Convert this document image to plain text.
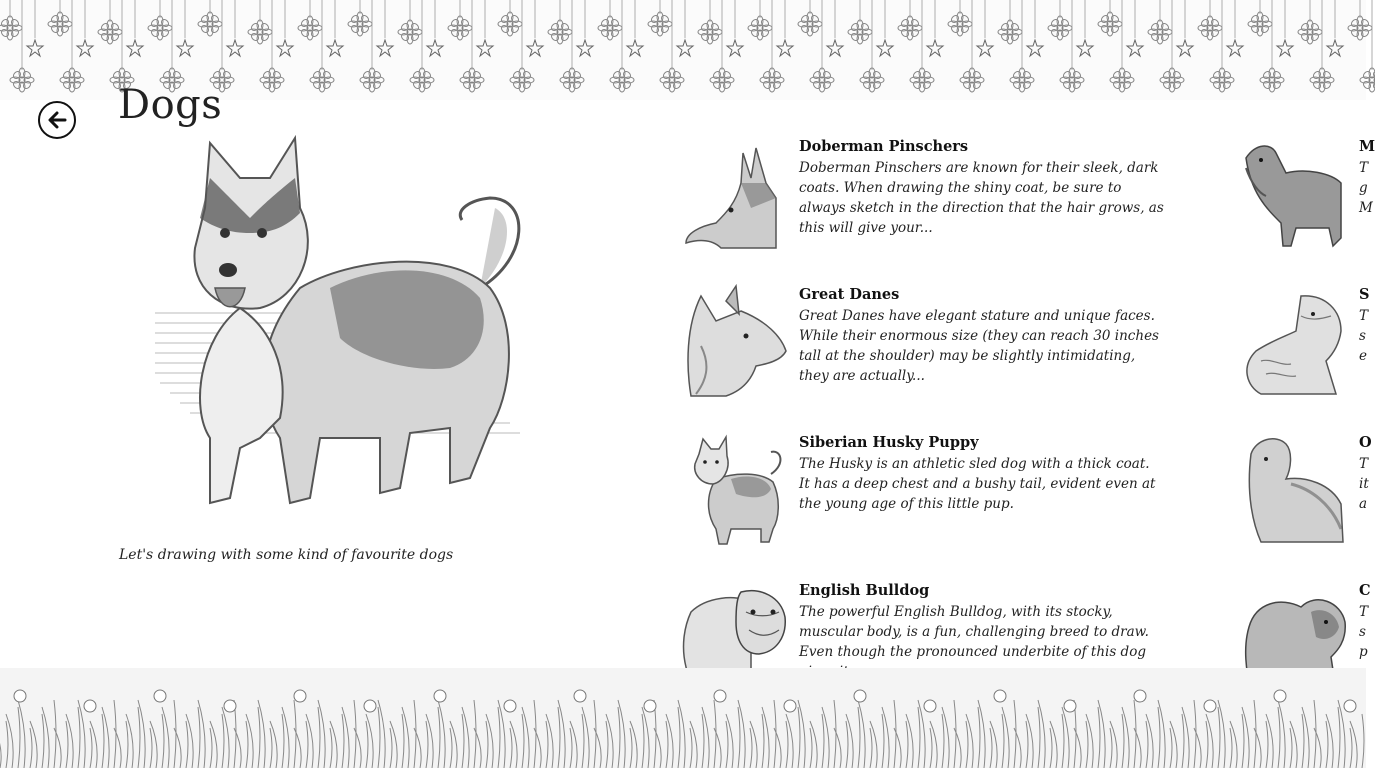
Dogs
Let's drawing with some kind of favourite dogs
Doberman Pinschers
Doberman Pinschers are known for their sleek, dark coats. When drawing the shiny coat, be sure to always sketch in the direction that the hair grows, as this will give your...
Great Danes
Great Danes have elegant stature and unique faces. While their enormous size (they can reach 30 inches tall at the shoulder) may be slightly intimidating, they are actually...
Siberian Husky Puppy
The Husky is an athletic sled dog with a thick coat. It has a deep chest and a bushy tail, evident even at the young age of this little pup.
English Bulldog
The powerful English Bulldog, with its stocky, muscular body, is a fun, challenging breed to draw. Even though the pronounced underbite of this dog
M
T g M
S
T s e
O
T it a
C
T s p
